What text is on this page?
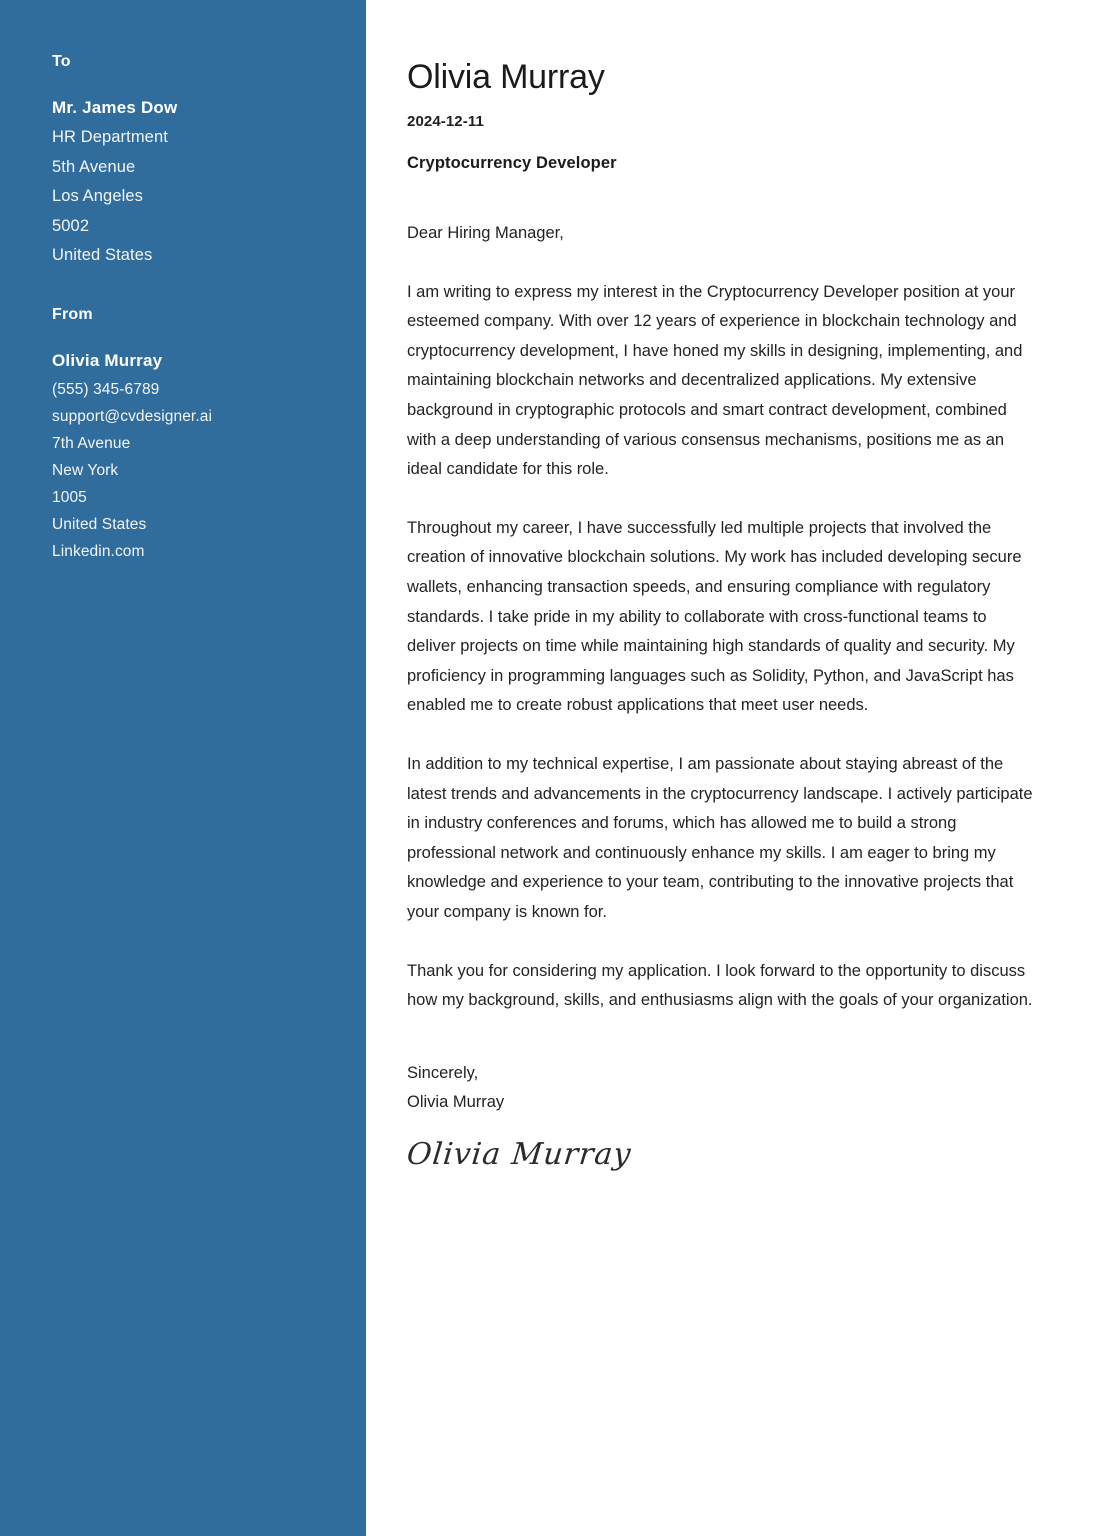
To
Mr. James Dow
HR Department
5th Avenue
Los Angeles
5002
United States
From
Olivia Murray
(555) 345-6789
support@cvdesigner.ai
7th Avenue
New York
1005
United States
Linkedin.com
Olivia Murray
2024-12-11
Cryptocurrency Developer

Dear Hiring Manager,

I am writing to express my interest in the Cryptocurrency Developer position at your esteemed company. With over 12 years of experience in blockchain technology and cryptocurrency development, I have honed my skills in designing, implementing, and maintaining blockchain networks and decentralized applications. My extensive background in cryptographic protocols and smart contract development, combined with a deep understanding of various consensus mechanisms, positions me as an ideal candidate for this role.

Throughout my career, I have successfully led multiple projects that involved the creation of innovative blockchain solutions. My work has included developing secure wallets, enhancing transaction speeds, and ensuring compliance with regulatory standards. I take pride in my ability to collaborate with cross-functional teams to deliver projects on time while maintaining high standards of quality and security. My proficiency in programming languages such as Solidity, Python, and JavaScript has enabled me to create robust applications that meet user needs.

In addition to my technical expertise, I am passionate about staying abreast of the latest trends and advancements in the cryptocurrency landscape. I actively participate in industry conferences and forums, which has allowed me to build a strong professional network and continuously enhance my skills. I am eager to bring my knowledge and experience to your team, contributing to the innovative projects that your company is known for.

Thank you for considering my application. I look forward to the opportunity to discuss how my background, skills, and enthusiasms align with the goals of your organization.

Sincerely,
Olivia Murray
Olivia Murray
